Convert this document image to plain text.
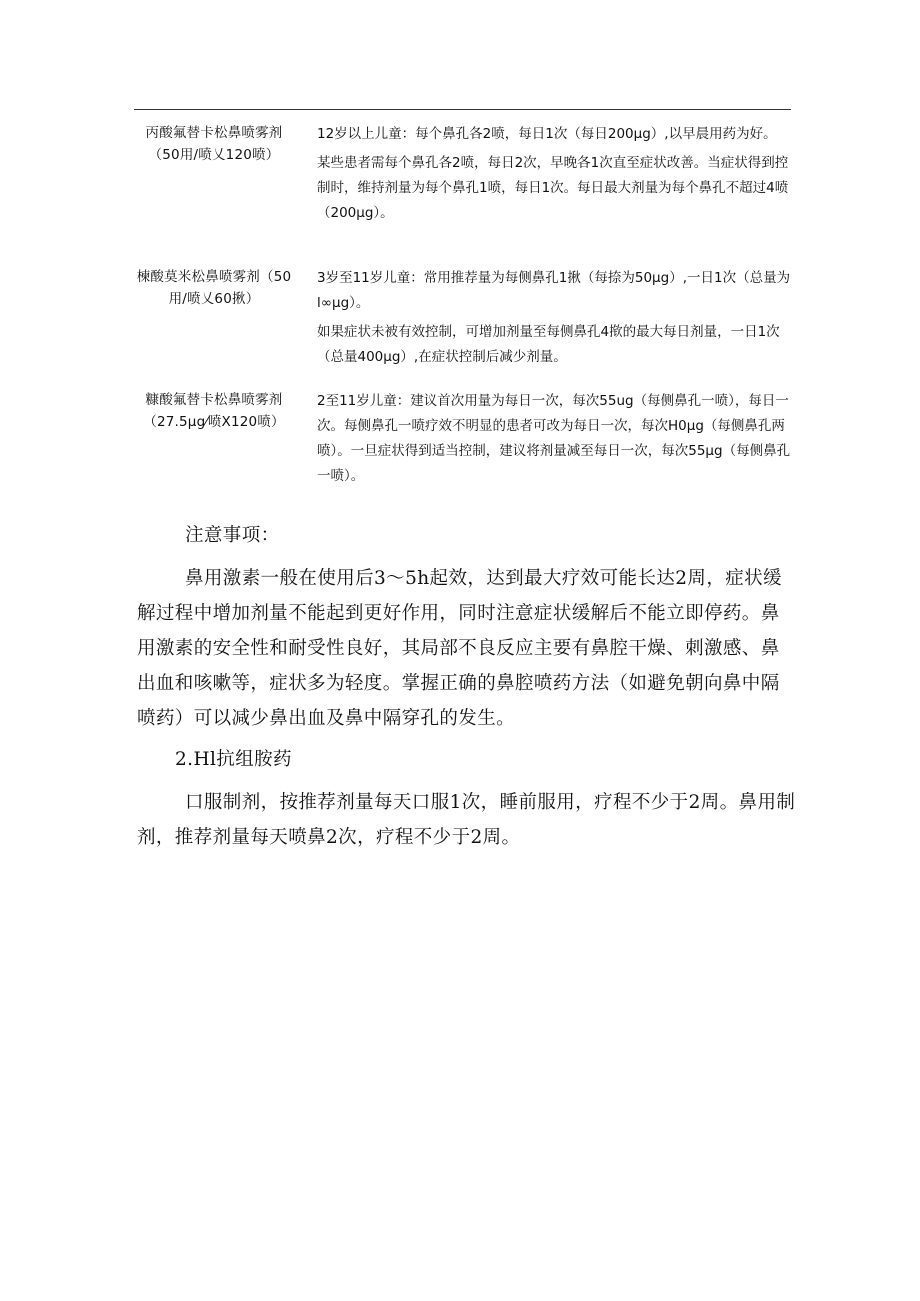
丙酸氟替卡松鼻喷雾剂（50用/喷乂120喷）

12岁以上儿童：每个鼻孔各2喷，每日1次（每日200μg）,以早晨用药为好。

某些患者需每个鼻孔各2喷，每日2次，早晚各1次直至症状改善。当症状得到控制时，维持剂量为每个鼻孔1喷，每日1次。每日最大剂量为每个鼻孔不超过4喷（200μg）。

楝酸莫米松鼻喷雾剂（50用/喷乂60揪）

3岁至11岁儿童：常用推荐量为每侧鼻孔1揪（每捺为50μg）,一日1次（总量为l∞μg）。

如果症状未被有效控制，可增加剂量至每侧鼻孔4揿的最大每日剂量，一日1次（总量400μg）,在症状控制后减少剂量。

糠酸氟替卡松鼻喷雾剂（27.5μg⁄喷X120喷）

2至11岁儿童：建议首次用量为每日一次，每次55ug（每侧鼻孔一喷），每日一次。每侧鼻孔一喷疗效不明显的患者可改为每日一次，每次H0μg（每侧鼻孔两喷）。一旦症状得到适当控制，建议将剂量减至每日一次，每次55μg（每侧鼻孔一喷）。

注意事项：

鼻用激素一般在使用后3～5h起效，达到最大疗效可能长达2周，症状缓解过程中增加剂量不能起到更好作用，同时注意症状缓解后不能立即停药。鼻用激素的安全性和耐受性良好，其局部不良反应主要有鼻腔干燥、刺激感、鼻出血和咳嗽等，症状多为轻度。掌握正确的鼻腔喷药方法（如避免朝向鼻中隔喷药）可以减少鼻出血及鼻中隔穿孔的发生。

2.Hl抗组胺药

口服制剂，按推荐剂量每天口服1次，睡前服用，疗程不少于2周。鼻用制剂，推荐剂量每天喷鼻2次，疗程不少于2周。
